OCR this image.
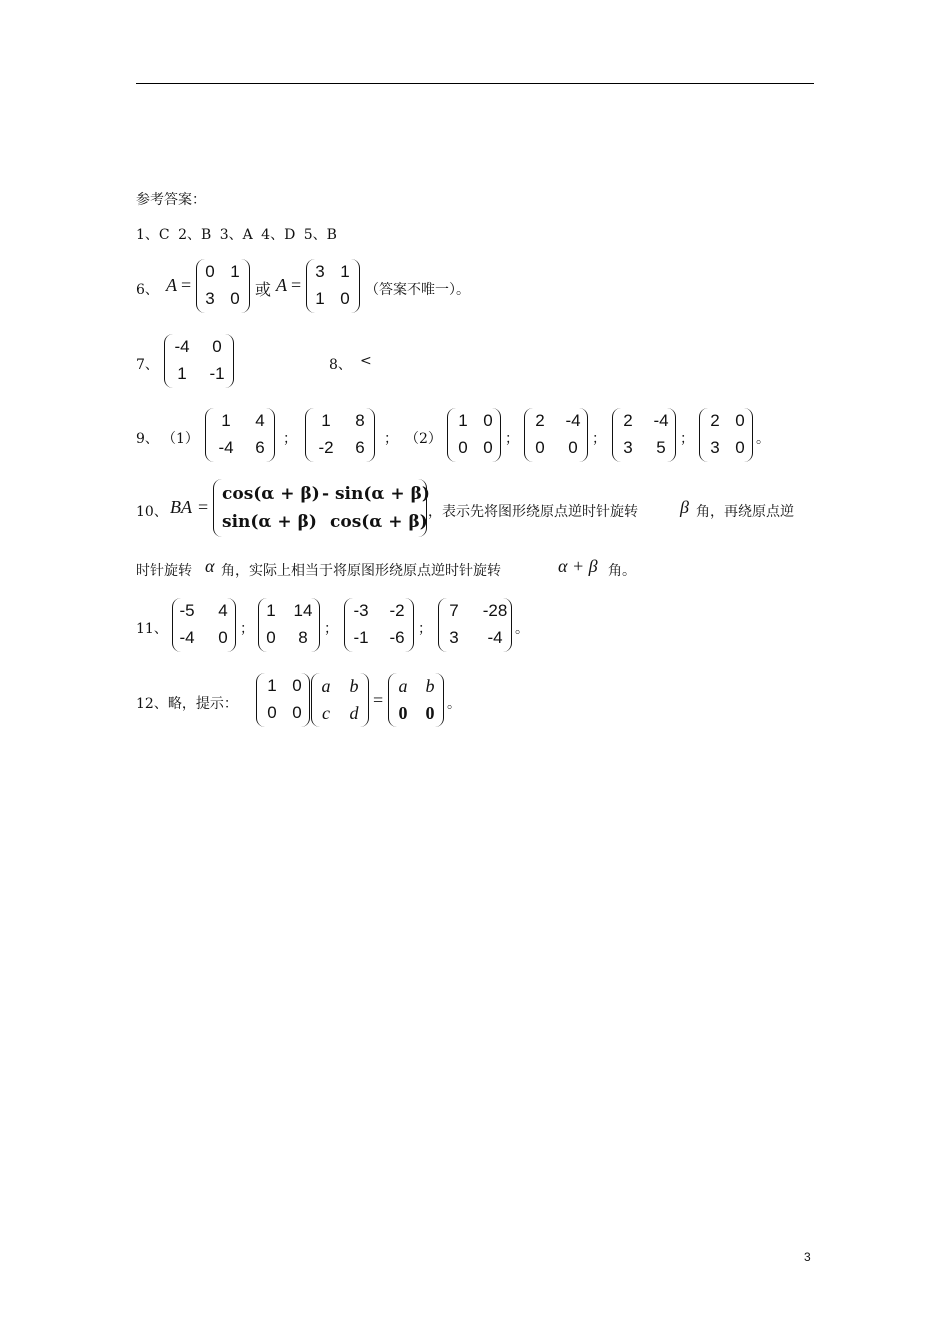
参考答案：
1、C 2、B 3、A 4、D 5、B
6、 A =
0 1
3 0 或 A =
3 1
1 0	（答案不唯一）。
7、
-4	0
1	-1	8、 <
9、 （1）
1	4
-4	6	；
1	8
-2	6	； （2）
1 0
0 0 ；
2	-4
0	0	；
2	-4
3	5	；
2 0
3 0 。
10、 BA =
cos(α + β) - sin(α + β)
sin(α + β) cos(α + β) ，表示先将图形绕原点逆时针旋转 β 角，再绕原点逆
时针旋转 α 角，实际上相当于将原图形绕原点逆时针旋转	α + β 角。
11、
-5	4
-4	0 ；
1	14
0	8	；
-3	-2
-1	-6 ；
7	-28
3	-4 。
12、略，提示：
1 0
0 0
a	b
c	d
=
a	b
0	0 。
3
